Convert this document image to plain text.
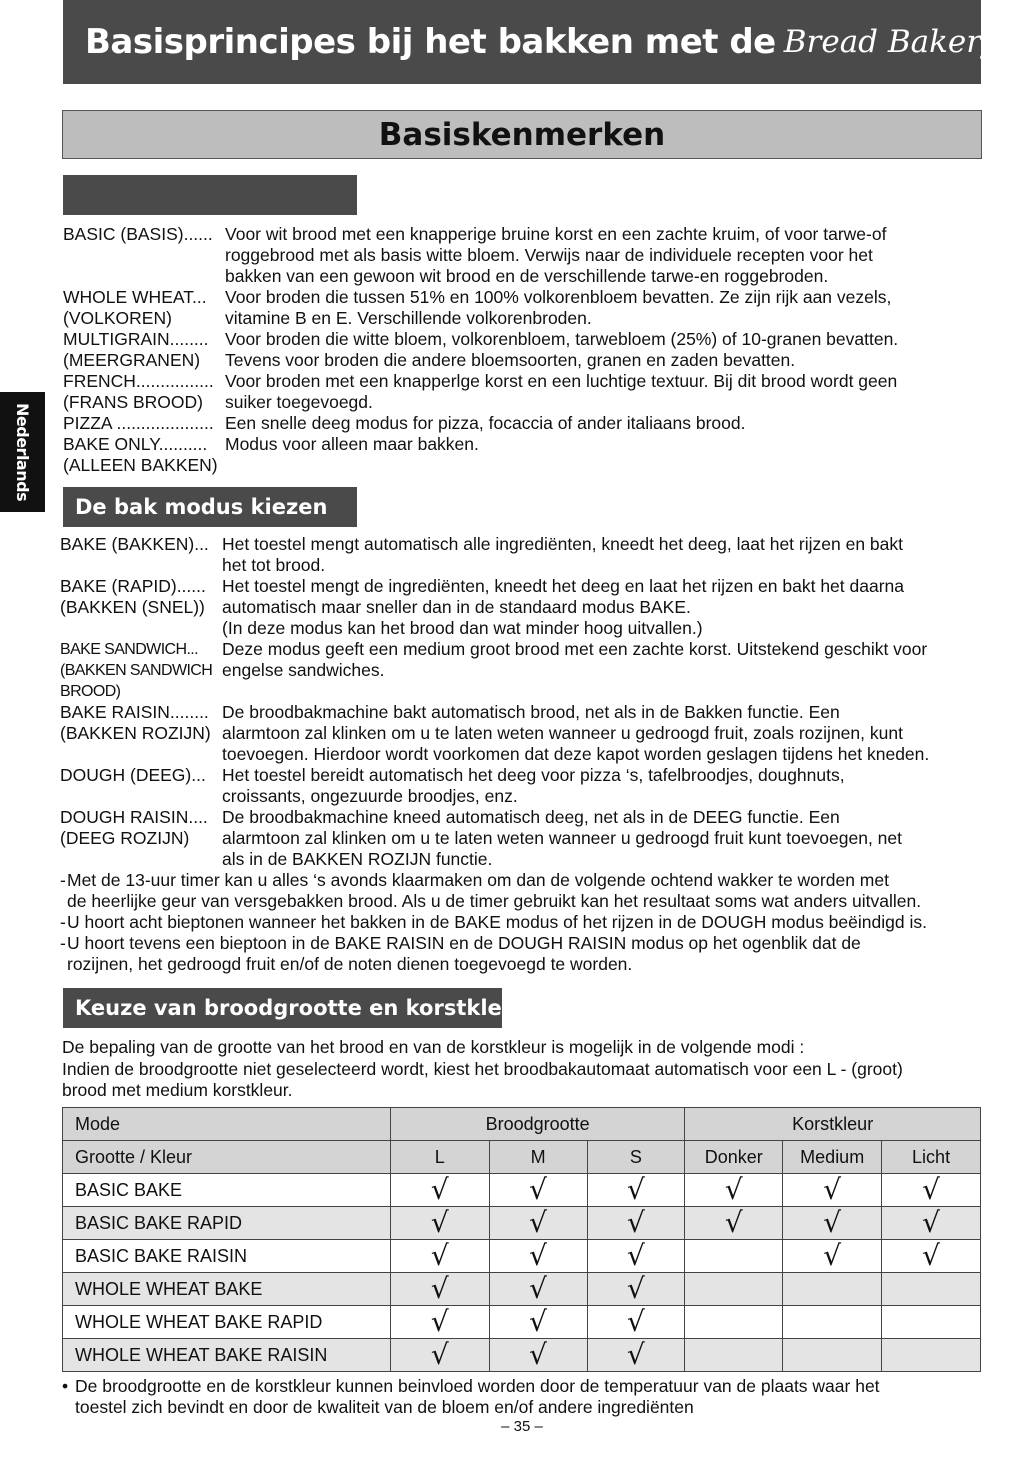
Basisprincipes bij het bakken met de Bread Bakery ®
Basiskenmerken
Nederlands
BASIC (BASIS)...... Voor wit brood met een knapperige bruine korst en een zachte kruim, of voor tarwe-of
roggebrood met als basis witte bloem. Verwijs naar de individuele recepten voor het
bakken van een gewoon wit brood en de verschillende tarwe-en roggebroden.
WHOLE WHEAT...	Voor broden die tussen 51% en 100% volkorenbloem bevatten. Ze zijn rijk aan vezels,
(VOLKOREN)	vitamine B en E. Verschillende volkorenbroden.
MULTIGRAIN........ Voor broden die witte bloem, volkorenbloem, tarwebloem (25%) of 10-granen bevatten.
(MEERGRANEN)	Tevens voor broden die andere bloemsoorten, granen en zaden bevatten.
FRENCH................ Voor broden met een knapperlge korst en een luchtige textuur. Bij dit brood wordt geen
(FRANS BROOD)	suiker toegevoegd.
PIZZA .................... Een snelle deeg modus for pizza, focaccia of ander italiaans brood.
BAKE ONLY..........	Modus voor alleen maar bakken.
(ALLEEN BAKKEN)
De bak modus kiezen
BAKE (BAKKEN)... Het toestel mengt automatisch alle ingrediënten, kneedt het deeg, laat het rijzen en bakt
het tot brood.
BAKE (RAPID)...... Het toestel mengt de ingrediënten, kneedt het deeg en laat het rijzen en bakt het daarna
(BAKKEN (SNEL)) automatisch maar sneller dan in de standaard modus BAKE.
(In deze modus kan het brood dan wat minder hoog uitvallen.)
BAKE SANDWICH...	Deze modus geeft een medium groot brood met een zachte korst. Uitstekend geschikt voor
(BAKKEN SANDWICH engelse sandwiches.
BROOD)
BAKE RAISIN........ De broodbakmachine bakt automatisch brood, net als in de Bakken functie. Een
(BAKKEN ROZIJN) alarmtoon zal klinken om u te laten weten wanneer u gedroogd fruit, zoals rozijnen, kunt
toevoegen. Hierdoor wordt voorkomen dat deze kapot worden geslagen tijdens het kneden.
DOUGH (DEEG)... Het toestel bereidt automatisch het deeg voor pizza ‘s, tafelbroodjes, doughnuts,
croissants, ongezuurde broodjes, enz.
DOUGH RAISIN.... De broodbakmachine kneed automatisch deeg, net als in de DEEG functie. Een
(DEEG ROZIJN)	alarmtoon zal klinken om u te laten weten wanneer u gedroogd fruit kunt toevoegen, net
als in de BAKKEN ROZIJN functie.
- Met de 13-uur timer kan u alles ‘s avonds klaarmaken om dan de volgende ochtend wakker te worden met
de heerlijke geur van versgebakken brood. Als u de timer gebruikt kan het resultaat soms wat anders uitvallen.
- U hoort acht bieptonen wanneer het bakken in de BAKE modus of het rijzen in de DOUGH modus beëindigd is.
- U hoort tevens een bieptoon in de BAKE RAISIN en de DOUGH RAISIN modus op het ogenblik dat de
rozijnen, het gedroogd fruit en/of de noten dienen toegevoegd te worden.
Keuze van broodgrootte en korstkleur
De bepaling van de grootte van het brood en van de korstkleur is mogelijk in de volgende modi :
Indien de broodgrootte niet geselecteerd wordt, kiest het broodbakautomaat automatisch voor een L - (groot)
brood met medium korstkleur.
Mode	Broodgrootte			Korstkleur		
Grootte / Kleur	L	M	S	Donker	Medium	Licht
BASIC BAKE	√	√	√	√	√	√
BASIC BAKE RAPID	√	√	√	√	√	√
BASIC BAKE RAISIN	√	√	√		√	√
WHOLE WHEAT BAKE	√	√	√			
WHOLE WHEAT BAKE RAPID	√	√	√			
WHOLE WHEAT BAKE RAISIN	√	√	√			
• De broodgrootte en de korstkleur kunnen beinvloed worden door de temperatuur van de plaats waar het
toestel zich bevindt en door de kwaliteit van de bloem en/of andere ingrediënten
– 35 –
